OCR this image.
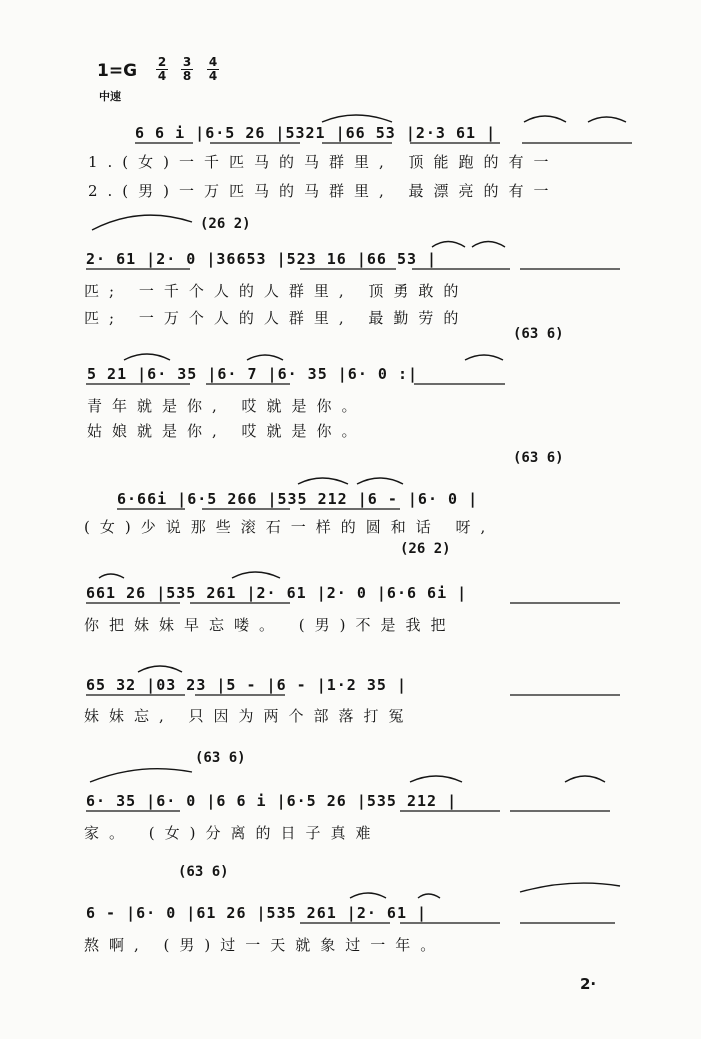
$1=G \frac{2}{4} \frac{3}{8} \frac{4}{4}$
中速
6 6 i |6·5 26 |5321 |66 53 |2·3 61 |
1.(女)一千匹马的马群里, 顶能跑的有一
2.(男)一万匹马的马群里, 最漂亮的有一
(26 2)
2· 61 |2· 0 |36653 |523 16 |66 53 |
匹; 一千个人的人群里, 顶勇敢的
匹; 一万个人的人群里, 最勤劳的
(63 6)
5 21 |6· 35 |6· 7 |6· 35 |6· 0 :|
青年就是你, 哎就是你。
姑娘就是你, 哎就是你。
(63 6)
6·66i |6·5 266 |535 212 |6 - |6· 0 |
(女)少说那些滚石一样的圆和话 呀,
(26 2)
661 26 |535 261 |2· 61 |2· 0 |6·6 6i |
你把妹妹早忘喽。 (男)不是我把
65 32 |03 23 |5 - |6 - |1·2 35 |
妹妹忘, 只因为两个部落打冤
(63 6)
6· 35 |6· 0 |6 6 i |6·5 26 |535 212 |
家。 (女)分离的日子真难
(63 6)
6 - |6· 0 |61 26 |535 261 |2· 61 |
熬啊, (男)过一天就象过一年。
2·
